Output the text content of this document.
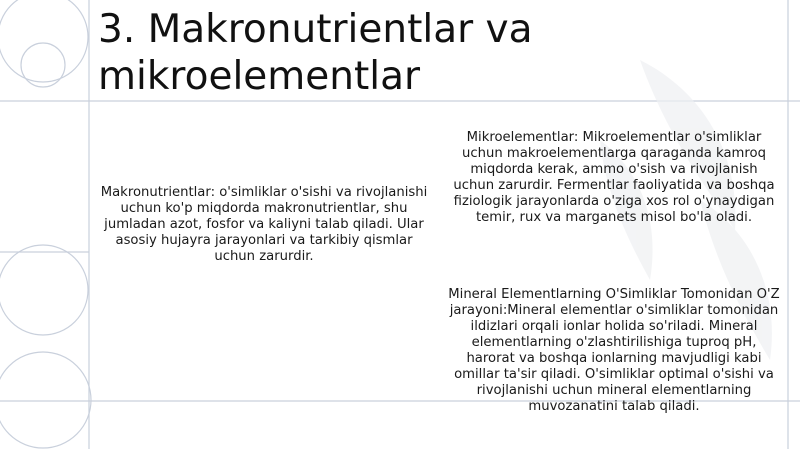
3. Makronutrientlar va mikroelementlar

Makronutrientlar: o'simliklar o'sishi va rivojlanishi uchun ko'p miqdorda makronutrientlar, shu jumladan azot, fosfor va kaliyni talab qiladi. Ular asosiy hujayra jarayonlari va tarkibiy qismlar uchun zarurdir.

Mikroelementlar: Mikroelementlar o'simliklar uchun makroelementlarga qaraganda kamroq miqdorda kerak, ammo o'sish va rivojlanish uchun zarurdir. Fermentlar faoliyatida va boshqa fiziologik jarayonlarda o'ziga xos rol o'ynaydigan temir, rux va marganets misol bo'la oladi.

Mineral Elementlarning O'Simliklar Tomonidan O'Z jarayoni:Mineral elementlar o'simliklar tomonidan ildizlari orqali ionlar holida so'riladi. Mineral elementlarning o'zlashtirilishiga tuproq pH, harorat va boshqa ionlarning mavjudligi kabi omillar ta'sir qiladi. O'simliklar optimal o'sishi va rivojlanishi uchun mineral elementlarning muvozanatini talab qiladi.
